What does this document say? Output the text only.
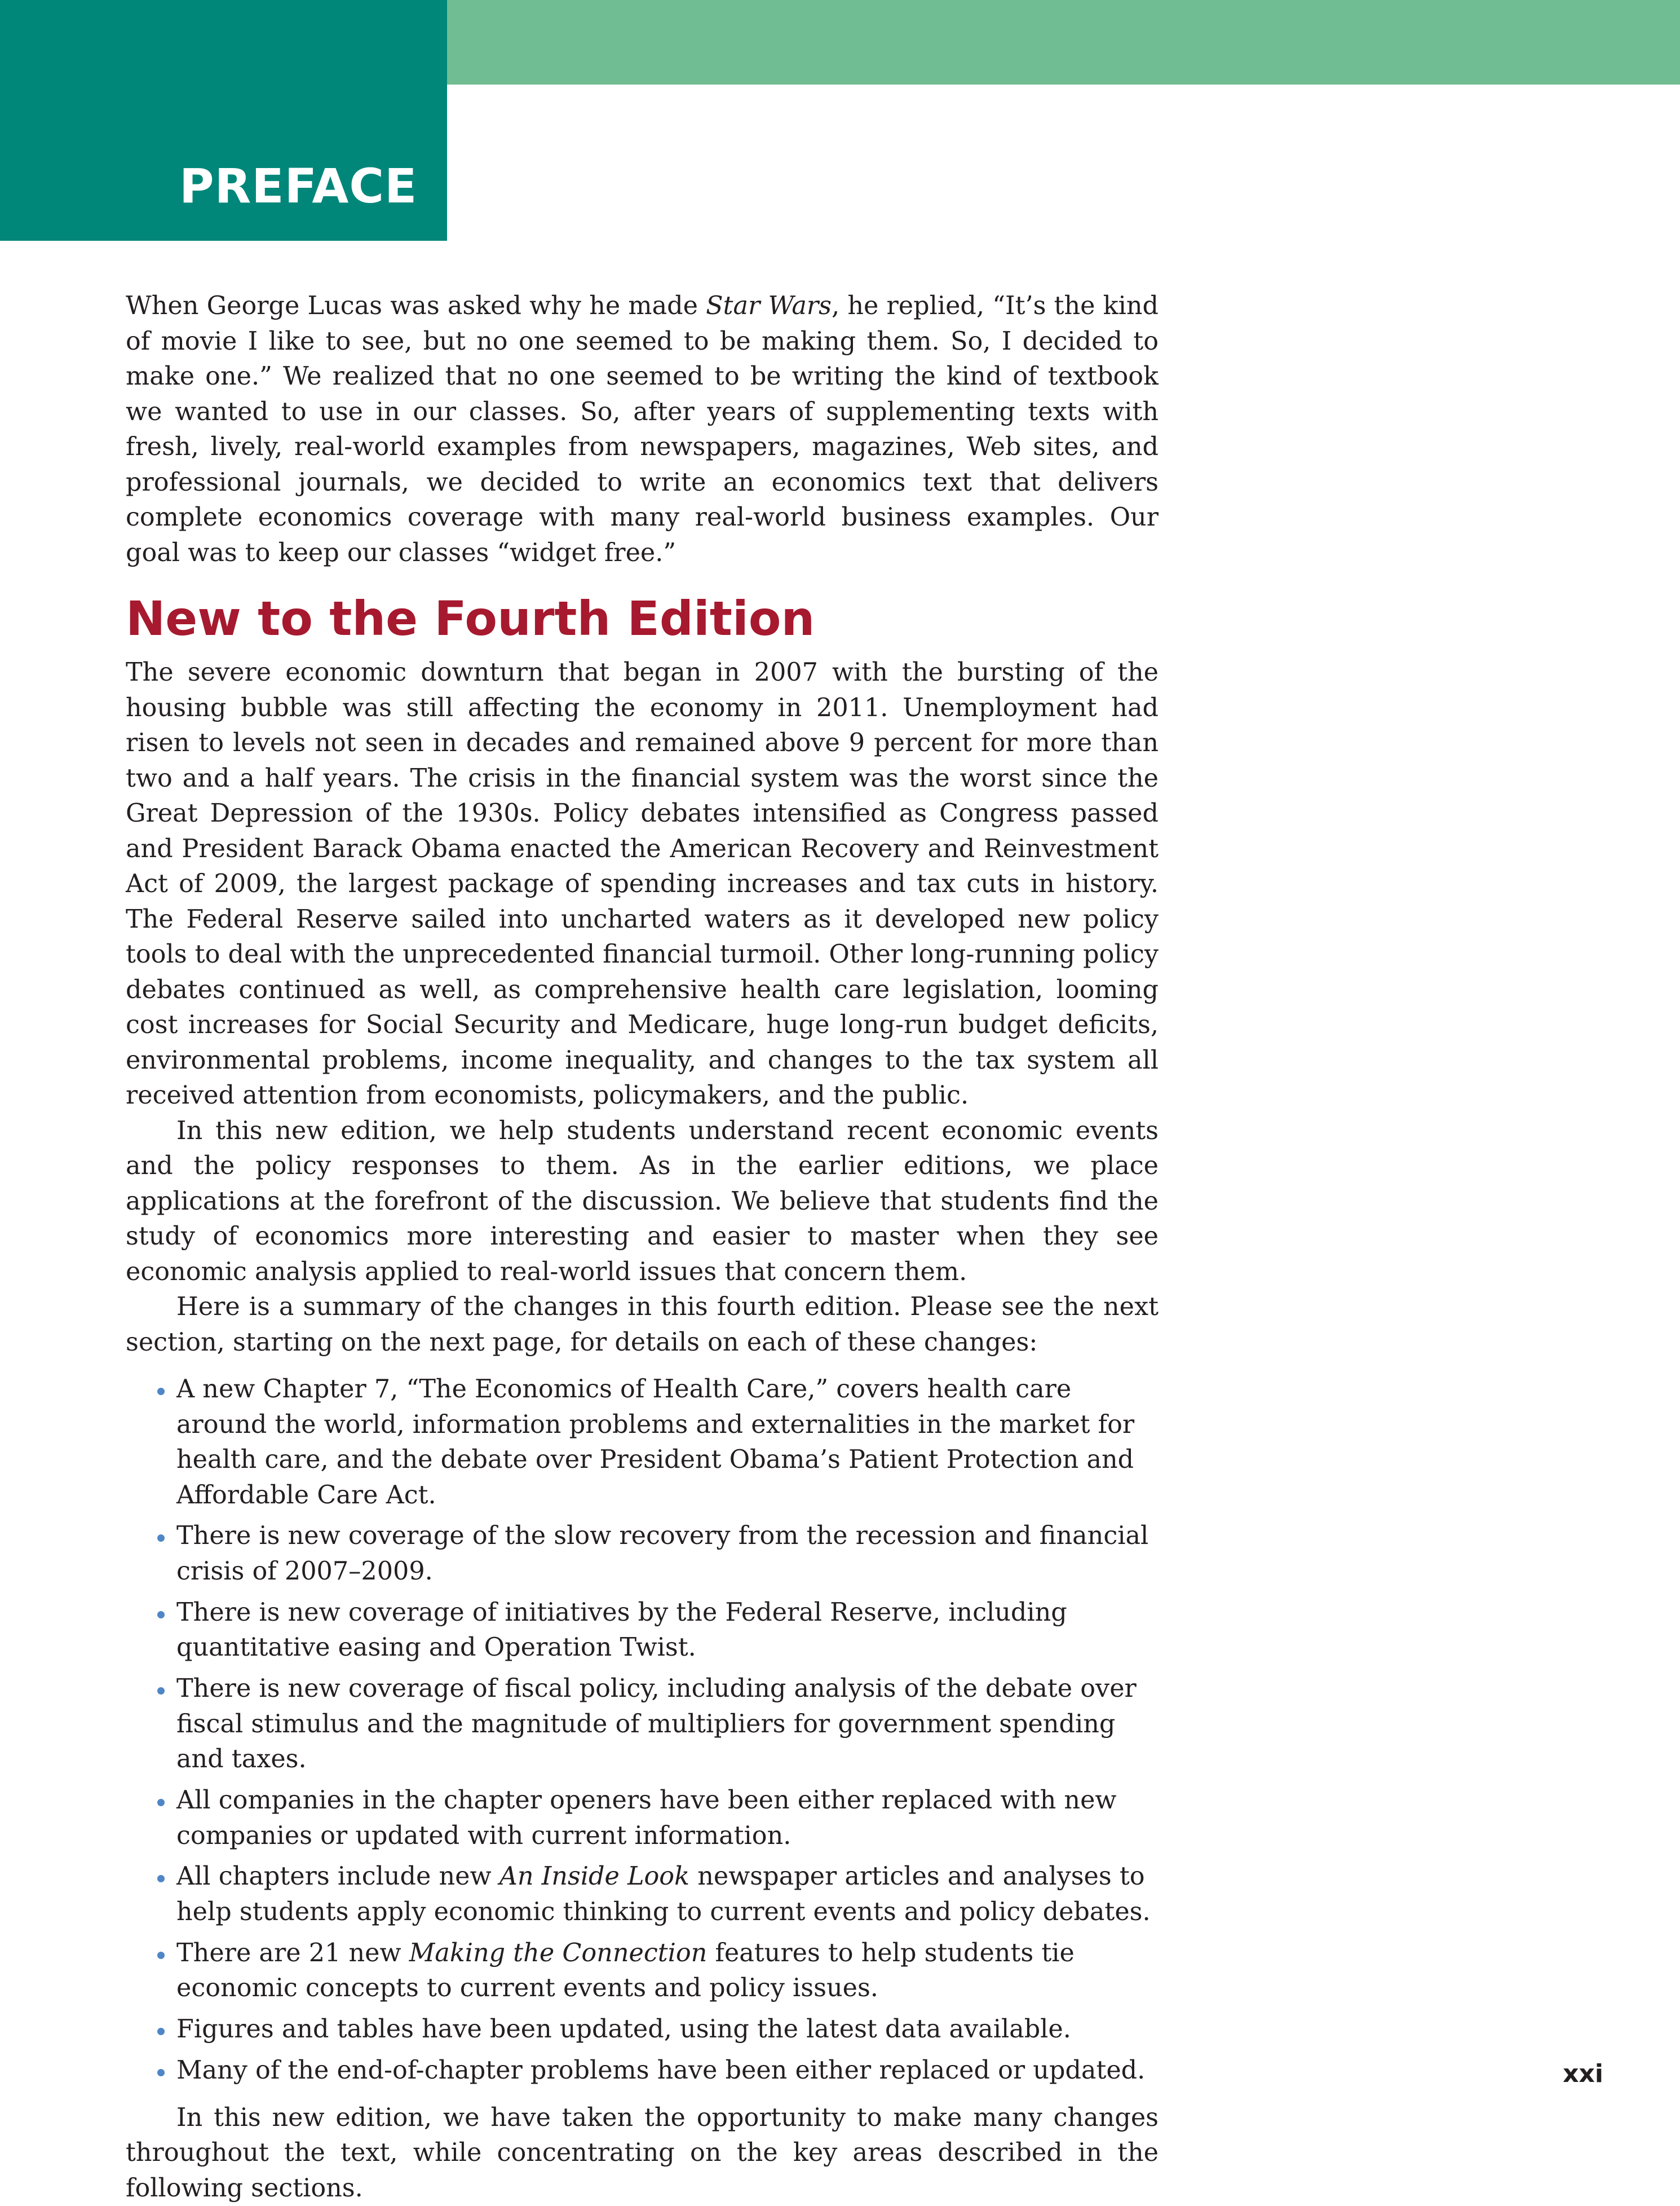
PREFACE

When George Lucas was asked why he made Star Wars, he replied, “It’s the kind of movie I like to see, but no one seemed to be making them. So, I decided to make one.” We realized that no one seemed to be writing the kind of textbook we wanted to use in our classes. So, after years of supplementing texts with fresh, lively, real-world examples from newspapers, magazines, Web sites, and professional journals, we decided to write an economics text that delivers complete economics coverage with many real-world business examples. Our goal was to keep our classes “widget free.”

New to the Fourth Edition

The severe economic downturn that began in 2007 with the bursting of the housing bubble was still affecting the economy in 2011. Unemployment had risen to levels not seen in decades and remained above 9 percent for more than two and a half years. The crisis in the financial system was the worst since the Great Depression of the 1930s. Policy debates intensified as Congress passed and President Barack Obama enacted the American Recovery and Reinvestment Act of 2009, the largest package of spending increases and tax cuts in history. The Federal Reserve sailed into uncharted waters as it developed new policy tools to deal with the unprecedented financial turmoil. Other long-running policy debates continued as well, as comprehensive health care legislation, looming cost increases for Social Security and Medicare, huge long-run budget deficits, environmental problems, income inequality, and changes to the tax system all received attention from economists, policymakers, and the public.

In this new edition, we help students understand recent economic events and the policy responses to them. As in the earlier editions, we place applications at the forefront of the discussion. We believe that students find the study of economics more interesting and easier to master when they see economic analysis applied to real-world issues that concern them.

Here is a summary of the changes in this fourth edition. Please see the next section, starting on the next page, for details on each of these changes:

A new Chapter 7, “The Economics of Health Care,” covers health care around the world, information problems and externalities in the market for health care, and the debate over President Obama’s Patient Protection and Affordable Care Act.
There is new coverage of the slow recovery from the recession and financial crisis of 2007–2009.
There is new coverage of initiatives by the Federal Reserve, including quantitative easing and Operation Twist.
There is new coverage of fiscal policy, including analysis of the debate over fiscal stimulus and the magnitude of multipliers for government spending and taxes.
All companies in the chapter openers have been either replaced with new companies or updated with current information.
All chapters include new An Inside Look newspaper articles and analyses to help students apply economic thinking to current events and policy debates.
There are 21 new Making the Connection features to help students tie economic concepts to current events and policy issues.
Figures and tables have been updated, using the latest data available.
Many of the end-of-chapter problems have been either replaced or updated.

In this new edition, we have taken the opportunity to make many changes throughout the text, while concentrating on the key areas described in the following sections.

xxi
